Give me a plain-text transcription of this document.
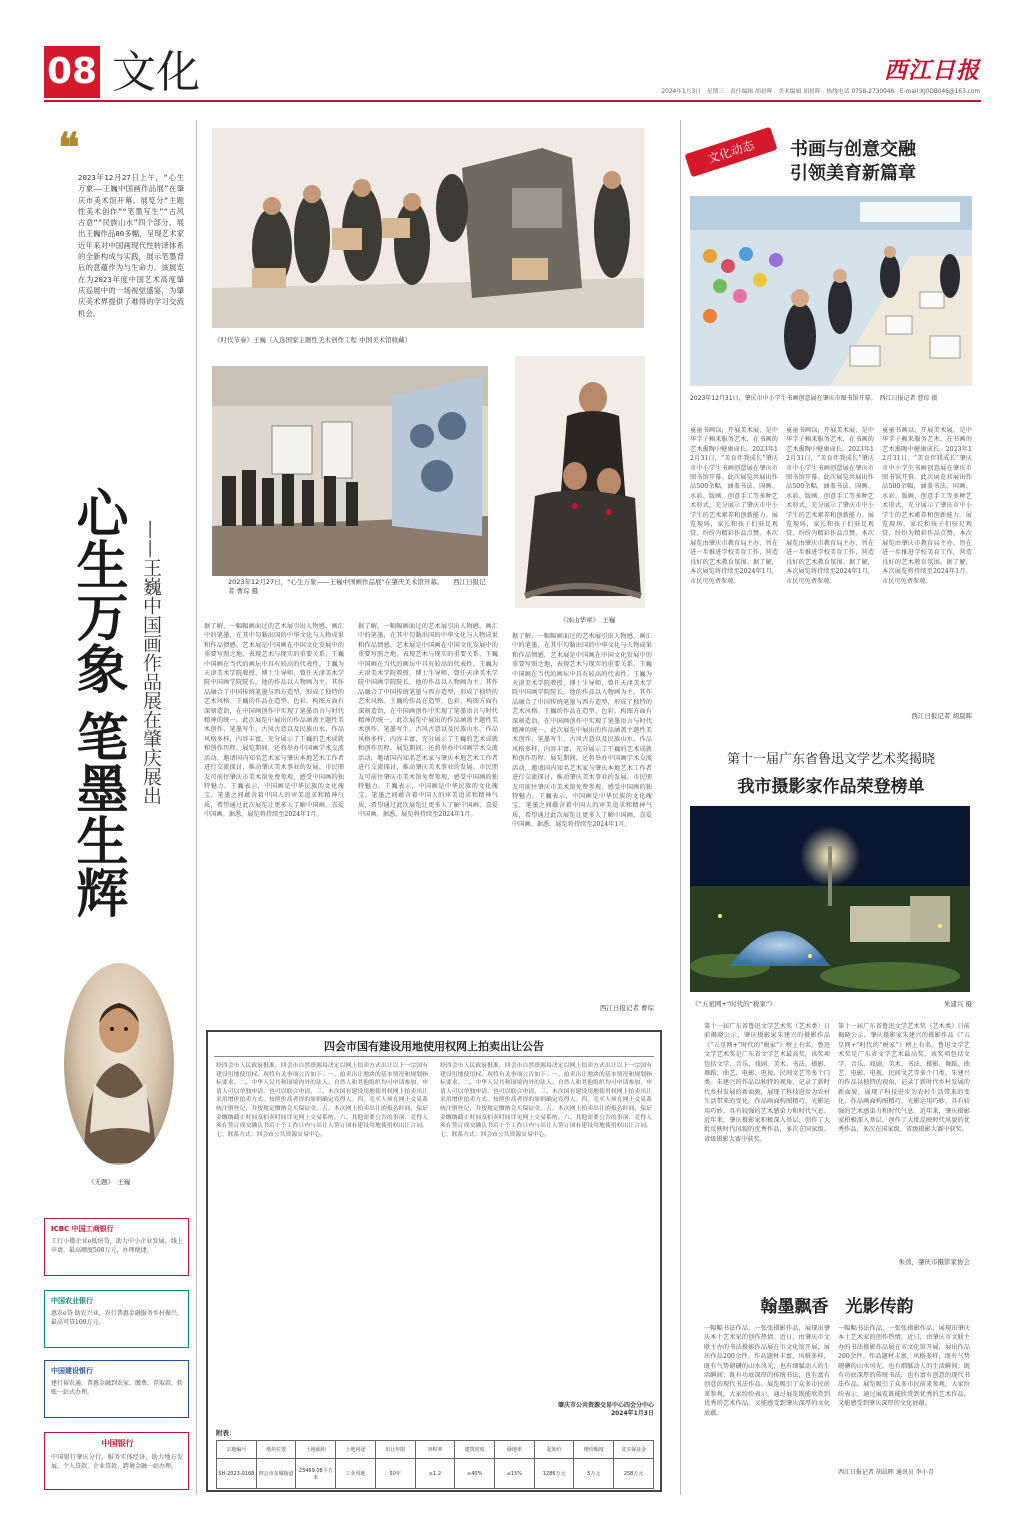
08 文化	西江日报
2024年1月3日　星期三　责任编辑 胡晨晖　美术编辑 胡晨晖　热线电话 0758-2730046　E-mail:XJ0DB046@163.com
❝
2023年12月27日上午，“心生万象——王巍中国画作品展”在肇庆市美术馆开幕。展览分“主题性美术创作”“笔墨写生”“古风古意”“民族山水”四个部分，展出王巍作品80多幅，呈现艺术家近年来对中国画现代性转译体系的全新构成与实践，展示笔墨背后的意蕴作为与生命力。该展览在为2023年度中国艺术高度肇庆巡展中的一场视觉盛宴，为肇庆美术界提供了难得的学习交流机会。
心生万象
笔墨生辉
——王巍中国画作品展在肇庆展出
《无题》　王巍
ICBC 中国工商银行
工行小微企业e抵快贷，助力中小企业发展，线上申请，最高额度500万元，办理便捷。
中国农业银行
惠农e贷 助农兴业，农行普惠金融服务乡村振兴，最高可贷100万元。
中国建设银行
建行裕农通，普惠金融到农家，缴费、存取款、转账一站式办理。
中国银行
中国银行肇庆分行，服务实体经济，助力地方发展，个人贷款、企业贷款、跨境金融一站办理。
《时代节奏》王巍（入选国家主题性美术创作工程 中国美术馆收藏）
2023年12月27日，“心生万象——王巍中国画作品展”在肇庆美术馆开幕。　　西江日报记者 曹琮 摄
《冰山华章》　王巍
据了解，一幅幅画面过的艺术展引出人物感，画汇中的笔墨，在其中勾勒出国的中华文化与人物成果和作品情感。艺术展是中国画在中国文化发展中的重要写照之地，表现艺术与现实的重要关系，王巍中国画在当代的画坛中具有较高的代表性。王巍为天津美术学院教授、博士生导师，曾任天津美术学院中国画学院院长，他的作品以人物画为主，其作品融合了中国传统笔墨与西方造型，形成了独特的艺术风格。王巍的作品在造型、色彩、构图方面有深刻造诣，在中国画创作中实现了笔墨语言与时代精神的统一。此次展览中展出的作品涵盖主题性美术创作、笔墨写生、古风古意以及民族山水，作品风格多样，内容丰富，充分展示了王巍的艺术成就和创作历程。展览期间，还将举办中国画学术交流活动，邀请国内知名艺术家与肇庆本地艺术工作者进行交流探讨，推动肇庆美术事业的发展。市民朋友可前往肇庆市美术馆免费参观，感受中国画的独特魅力。王巍表示，中国画是中华民族的文化瑰宝，笔墨之间蕴含着中国人的审美追求和精神气质，希望通过此次展览让更多人了解中国画、喜爱中国画。据悉，展览将持续至2024年1月。
据了解，一幅幅画面过的艺术展引出人物感，画汇中的笔墨，在其中勾勒出国的中华文化与人物成果和作品情感。艺术展是中国画在中国文化发展中的重要写照之地，表现艺术与现实的重要关系，王巍中国画在当代的画坛中具有较高的代表性。王巍为天津美术学院教授、博士生导师，曾任天津美术学院中国画学院院长，他的作品以人物画为主，其作品融合了中国传统笔墨与西方造型，形成了独特的艺术风格。王巍的作品在造型、色彩、构图方面有深刻造诣，在中国画创作中实现了笔墨语言与时代精神的统一。此次展览中展出的作品涵盖主题性美术创作、笔墨写生、古风古意以及民族山水，作品风格多样，内容丰富，充分展示了王巍的艺术成就和创作历程。展览期间，还将举办中国画学术交流活动，邀请国内知名艺术家与肇庆本地艺术工作者进行交流探讨，推动肇庆美术事业的发展。市民朋友可前往肇庆市美术馆免费参观，感受中国画的独特魅力。王巍表示，中国画是中华民族的文化瑰宝，笔墨之间蕴含着中国人的审美追求和精神气质，希望通过此次展览让更多人了解中国画、喜爱中国画。据悉，展览将持续至2024年1月。
据了解，一幅幅画面过的艺术展引出人物感，画汇中的笔墨，在其中勾勒出国的中华文化与人物成果和作品情感。艺术展是中国画在中国文化发展中的重要写照之地，表现艺术与现实的重要关系，王巍中国画在当代的画坛中具有较高的代表性。王巍为天津美术学院教授、博士生导师，曾任天津美术学院中国画学院院长，他的作品以人物画为主，其作品融合了中国传统笔墨与西方造型，形成了独特的艺术风格。王巍的作品在造型、色彩、构图方面有深刻造诣，在中国画创作中实现了笔墨语言与时代精神的统一。此次展览中展出的作品涵盖主题性美术创作、笔墨写生、古风古意以及民族山水，作品风格多样，内容丰富，充分展示了王巍的艺术成就和创作历程。展览期间，还将举办中国画学术交流活动，邀请国内知名艺术家与肇庆本地艺术工作者进行交流探讨，推动肇庆美术事业的发展。市民朋友可前往肇庆市美术馆免费参观，感受中国画的独特魅力。王巍表示，中国画是中华民族的文化瑰宝，笔墨之间蕴含着中国人的审美追求和精神气质，希望通过此次展览让更多人了解中国画、喜爱中国画。据悉，展览将持续至2024年1月。
西江日报记者 曹琮
文化动态	书画与创意交融
引领美育新篇章
2023年12月31日，肇庆市中小学生书画创意展在肇庆市图书馆开幕。　西江日报记者 曹琮 摄
童童书画以，开展美术展，是中华学子赖来服务艺术，在书画的艺术熏陶中健康成长。2023年12月31日，“美育伴我成长”肇庆市中小学生书画创意展在肇庆市图书馆开幕。此次展览共展出作品500余幅，涵盖书法、国画、水彩、版画、创意手工等多种艺术形式，充分展示了肇庆市中小学生的艺术素养和创新能力。展览现场，家长和孩子们驻足观赏，纷纷为精彩作品点赞。本次展览由肇庆市教育局主办，旨在进一步推进学校美育工作，营造良好的艺术教育氛围。据了解，本次展览将持续至2024年1月，市民可免费参观。
童童书画以，开展美术展，是中华学子赖来服务艺术，在书画的艺术熏陶中健康成长。2023年12月31日，“美育伴我成长”肇庆市中小学生书画创意展在肇庆市图书馆开幕。此次展览共展出作品500余幅，涵盖书法、国画、水彩、版画、创意手工等多种艺术形式，充分展示了肇庆市中小学生的艺术素养和创新能力。展览现场，家长和孩子们驻足观赏，纷纷为精彩作品点赞。本次展览由肇庆市教育局主办，旨在进一步推进学校美育工作，营造良好的艺术教育氛围。据了解，本次展览将持续至2024年1月，市民可免费参观。
童童书画以，开展美术展，是中华学子赖来服务艺术，在书画的艺术熏陶中健康成长。2023年12月31日，“美育伴我成长”肇庆市中小学生书画创意展在肇庆市图书馆开幕。此次展览共展出作品500余幅，涵盖书法、国画、水彩、版画、创意手工等多种艺术形式，充分展示了肇庆市中小学生的艺术素养和创新能力。展览现场，家长和孩子们驻足观赏，纷纷为精彩作品点赞。本次展览由肇庆市教育局主办，旨在进一步推进学校美育工作，营造良好的艺术教育氛围。据了解，本次展览将持续至2024年1月，市民可免费参观。
西江日报记者 胡晨晖
第十一届广东省鲁迅文学艺术奖揭晓
我市摄影家作品荣登榜单
《“五星网+”时代的“税家”》	朱建兴 摄
第十一届广东省鲁迅文学艺术奖（艺术类）日前揭晓公示，肇庆摄影家朱建兴的摄影作品《“五星网+”时代的“税家”》榜上有名。鲁迅文学艺术奖是广东省文学艺术最高奖，该奖项包括文学、音乐、戏剧、美术、书法、摄影、舞蹈、曲艺、电影、电视、民间文艺等多个门类。朱建兴的作品以独特的视角，记录了新时代乡村发展的新面貌，展现了科技进步为农村生活带来的变化。作品画面构图精巧，光影运用巧妙，具有较强的艺术感染力和时代气息。近年来，肇庆摄影家积极深入基层，创作了大批反映时代风貌的优秀作品，多次在国家级、省级摄影大赛中获奖。
第十一届广东省鲁迅文学艺术奖（艺术类）日前揭晓公示，肇庆摄影家朱建兴的摄影作品《“五星网+”时代的“税家”》榜上有名。鲁迅文学艺术奖是广东省文学艺术最高奖，该奖项包括文学、音乐、戏剧、美术、书法、摄影、舞蹈、曲艺、电影、电视、民间文艺等多个门类。朱建兴的作品以独特的视角，记录了新时代乡村发展的新面貌，展现了科技进步为农村生活带来的变化。作品画面构图精巧，光影运用巧妙，具有较强的艺术感染力和时代气息。近年来，肇庆摄影家积极深入基层，创作了大批反映时代风貌的优秀作品，多次在国家级、省级摄影大赛中获奖。
朱茵，肇庆市摄影家协会
翰墨飘香　光影传韵
一幅幅书法作品，一张张摄影作品，展现出肇庆本土艺术家的创作热情。近日，由肇庆市文联主办的书法摄影作品展在市文化馆开展，展出作品200余件。作品题材丰富，风格多样，既有气势磅礴的山水风光，也有细腻动人的生活瞬间；既有功底深厚的传统书法，也有富有创意的现代书法作品。展览吸引了众多市民前来参观，大家纷纷表示，通过展览既能欣赏到优秀的艺术作品，又能感受到肇庆深厚的文化底蕴。
一幅幅书法作品，一张张摄影作品，展现出肇庆本土艺术家的创作热情。近日，由肇庆市文联主办的书法摄影作品展在市文化馆开展，展出作品200余件。作品题材丰富，风格多样，既有气势磅礴的山水风光，也有细腻动人的生活瞬间；既有功底深厚的传统书法，也有富有创意的现代书法作品。展览吸引了众多市民前来参观，大家纷纷表示，通过展览既能欣赏到优秀的艺术作品，又能感受到肇庆深厚的文化底蕴。
西江日报记者 胡晨晖 通讯员 李小青
四会市国有建设用地使用权网上拍卖出让公告
经四会市人民政府批准，四会市自然资源局决定以网上拍卖方式出让以下一宗国有建设用地使用权。现将有关事项公告如下：一、拍卖出让地块的基本情况和规划指标要求。二、中华人民共和国境内外的法人、自然人和其他组织均可申请参加，申请人可以单独申请，也可以联合申请。三、本次国有建设用地使用权网上拍卖出让采用增价拍卖方式，按照价高者得的原则确定竞得人。四、竞买人须在网上交易系统注册登记，并按规定缴纳竞买保证金。五、本次网上拍卖出让的报名时间、保证金缴纳截止时间及拍卖时间详见网上交易系统。六、其他需要公告的事项：竞得人须在签订成交确认书后十个工作日内与出让人签订国有建设用地使用权出让合同。七、联系方式：四会市公共资源交易中心。
经四会市人民政府批准，四会市自然资源局决定以网上拍卖方式出让以下一宗国有建设用地使用权。现将有关事项公告如下：一、拍卖出让地块的基本情况和规划指标要求。二、中华人民共和国境内外的法人、自然人和其他组织均可申请参加，申请人可以单独申请，也可以联合申请。三、本次国有建设用地使用权网上拍卖出让采用增价拍卖方式，按照价高者得的原则确定竞得人。四、竞买人须在网上交易系统注册登记，并按规定缴纳竞买保证金。五、本次网上拍卖出让的报名时间、保证金缴纳截止时间及拍卖时间详见网上交易系统。六、其他需要公告的事项：竞得人须在签订成交确认书后十个工作日内与出让人签订国有建设用地使用权出让合同。七、联系方式：四会市公共资源交易中心。
肇庆市公共资源交易中心四会分中心
2024年1月3日
附表：
宗地编号	地块位置	土地面积	土地用途	出让年限	容积率	建筑密度	绿地率	起始价	增价幅度	竞买保证金
SH-2023-0168	四会市东城街道	23469.08平方米	工业用地	50年	≥1.2	≥40%	≤15%	1286万元	5万元	258万元
